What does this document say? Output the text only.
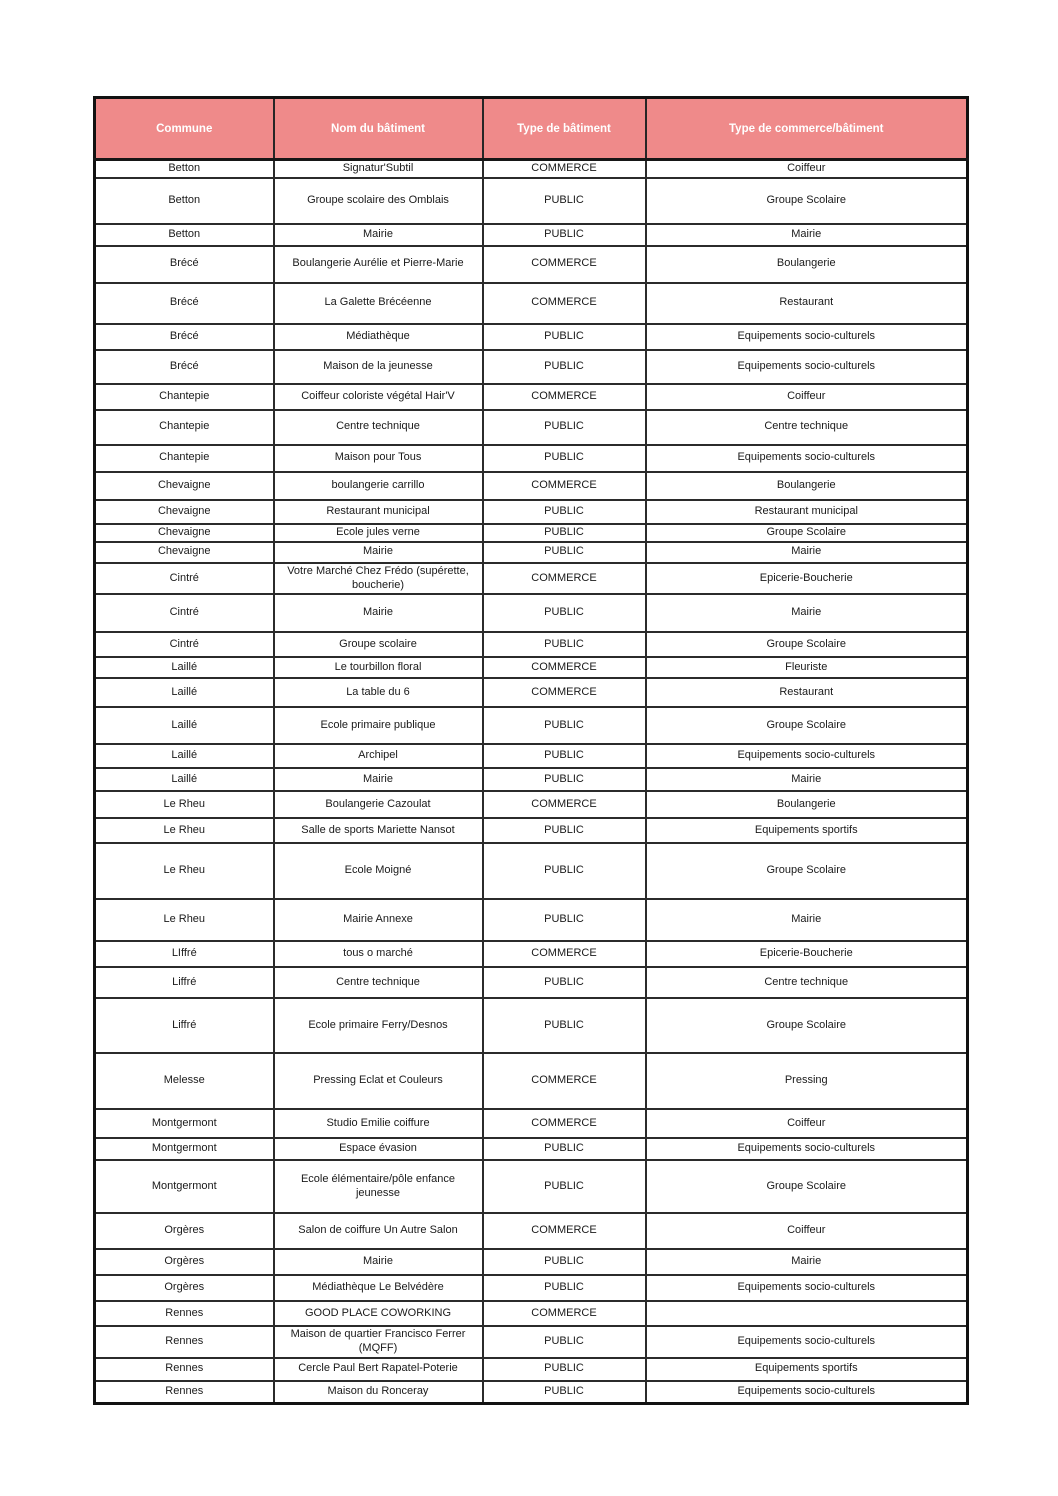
Commune	Nom du bâtiment	Type de bâtiment	Type de commerce/bâtiment
Betton	Signatur'Subtil	COMMERCE	Coiffeur
Betton	Groupe scolaire des Omblais	PUBLIC	Groupe Scolaire
Betton	Mairie	PUBLIC	Mairie
Brécé	Boulangerie Aurélie et Pierre-Marie	COMMERCE	Boulangerie
Brécé	La Galette Brécéenne	COMMERCE	Restaurant
Brécé	Médiathèque	PUBLIC	Equipements socio-culturels
Brécé	Maison de la jeunesse	PUBLIC	Equipements socio-culturels
Chantepie	Coiffeur coloriste végétal Hair'V	COMMERCE	Coiffeur
Chantepie	Centre technique	PUBLIC	Centre technique
Chantepie	Maison pour Tous	PUBLIC	Equipements socio-culturels
Chevaigne	boulangerie carrillo	COMMERCE	Boulangerie
Chevaigne	Restaurant municipal	PUBLIC	Restaurant municipal
Chevaigne	Ecole jules verne	PUBLIC	Groupe Scolaire
Chevaigne	Mairie	PUBLIC	Mairie
Cintré	Votre Marché Chez Frédo (supérette, boucherie)	COMMERCE	Epicerie-Boucherie
Cintré	Mairie	PUBLIC	Mairie
Cintré	Groupe scolaire	PUBLIC	Groupe Scolaire
Laillé	Le tourbillon floral	COMMERCE	Fleuriste
Laillé	La table du 6	COMMERCE	Restaurant
Laillé	Ecole primaire publique	PUBLIC	Groupe Scolaire
Laillé	Archipel	PUBLIC	Equipements socio-culturels
Laillé	Mairie	PUBLIC	Mairie
Le Rheu	Boulangerie Cazoulat	COMMERCE	Boulangerie
Le Rheu	Salle de sports Mariette Nansot	PUBLIC	Equipements sportifs
Le Rheu	Ecole Moigné	PUBLIC	Groupe Scolaire
Le Rheu	Mairie Annexe	PUBLIC	Mairie
LIffré	tous o marché	COMMERCE	Epicerie-Boucherie
Liffré	Centre technique	PUBLIC	Centre technique
Liffré	Ecole primaire Ferry/Desnos	PUBLIC	Groupe Scolaire
Melesse	Pressing Eclat et Couleurs	COMMERCE	Pressing
Montgermont	Studio Emilie coiffure	COMMERCE	Coiffeur
Montgermont	Espace évasion	PUBLIC	Equipements socio-culturels
Montgermont	Ecole élémentaire/pôle enfance jeunesse	PUBLIC	Groupe Scolaire
Orgères	Salon de coiffure Un Autre Salon	COMMERCE	Coiffeur
Orgères	Mairie	PUBLIC	Mairie
Orgères	Médiathèque Le Belvédère	PUBLIC	Equipements socio-culturels
Rennes	GOOD PLACE COWORKING	COMMERCE	
Rennes	Maison de quartier Francisco Ferrer (MQFF)	PUBLIC	Equipements socio-culturels
Rennes	Cercle Paul Bert Rapatel-Poterie	PUBLIC	Equipements sportifs
Rennes	Maison du Ronceray	PUBLIC	Equipements socio-culturels
